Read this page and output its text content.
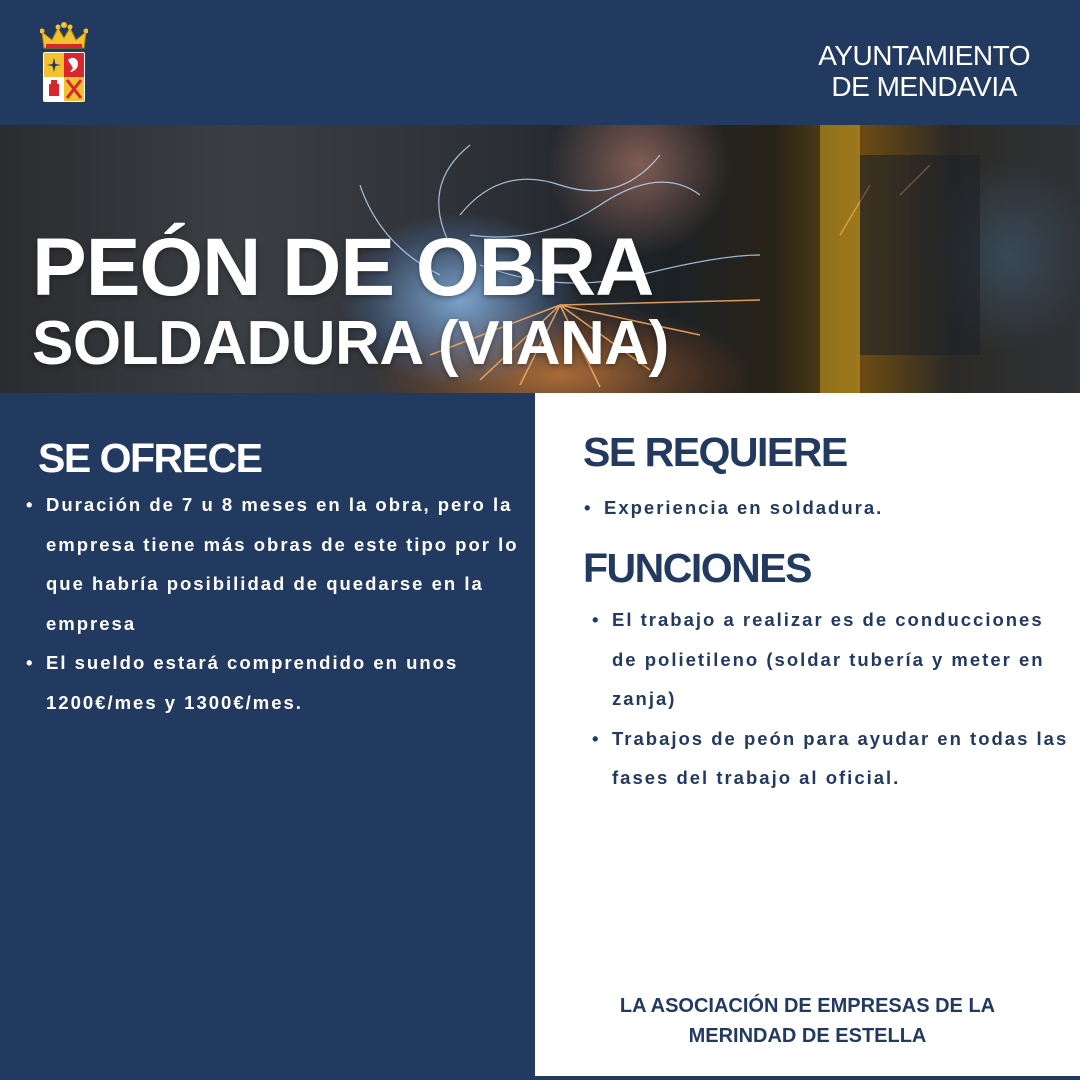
AYUNTAMIENTO
DE MENDAVIA
PEÓN DE OBRA
SOLDADURA (VIANA)
SE OFRECE
• Duración de 7 u 8 meses en la obra, pero la empresa tiene más obras de este tipo por lo que habría posibilidad de quedarse en la empresa
• El sueldo estará comprendido en unos 1200€/mes y 1300€/mes.
SE REQUIERE
• Experiencia en soldadura.
FUNCIONES
• El trabajo a realizar es de conducciones de polietileno (soldar tubería y meter en zanja)
• Trabajos de peón para ayudar en todas las fases del trabajo al oficial.
LA ASOCIACIÓN DE EMPRESAS DE LA
MERINDAD DE ESTELLA
